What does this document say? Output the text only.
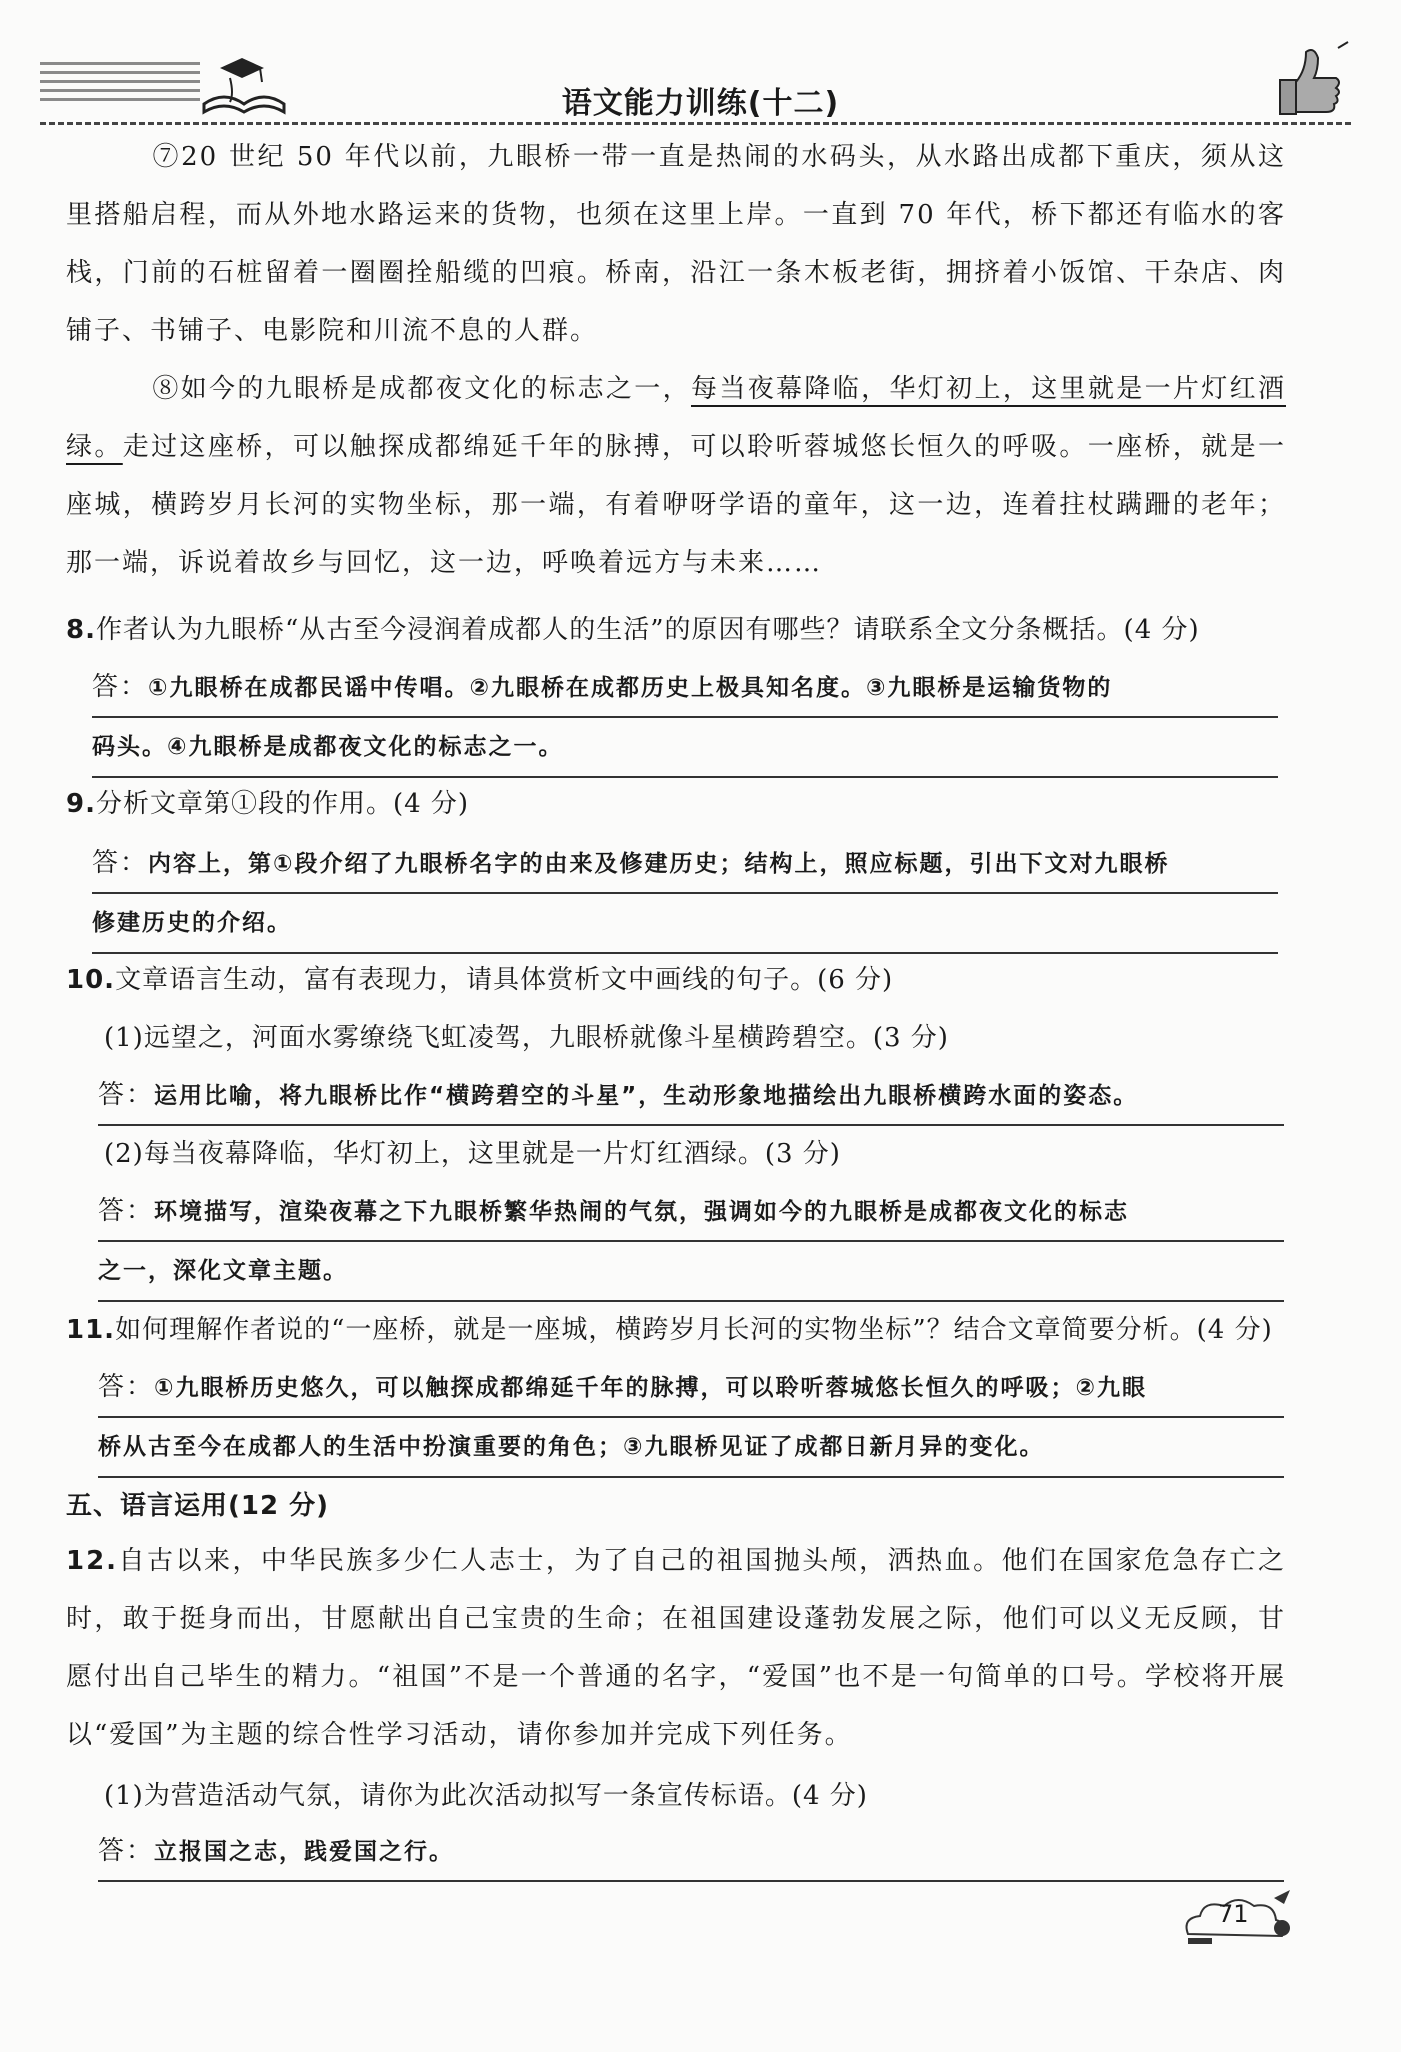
语文能力训练(十二)
⑦20 世纪 50 年代以前，九眼桥一带一直是热闹的水码头，从水路出成都下重庆，须从这里搭船启程，而从外地水路运来的货物，也须在这里上岸。一直到 70 年代，桥下都还有临水的客栈，门前的石桩留着一圈圈拴船缆的凹痕。桥南，沿江一条木板老街，拥挤着小饭馆、干杂店、肉铺子、书铺子、电影院和川流不息的人群。
⑧如今的九眼桥是成都夜文化的标志之一，每当夜幕降临，华灯初上，这里就是一片灯红酒绿。走过这座桥，可以触探成都绵延千年的脉搏，可以聆听蓉城悠长恒久的呼吸。一座桥，就是一座城，横跨岁月长河的实物坐标，那一端，有着咿呀学语的童年，这一边，连着拄杖蹒跚的老年；那一端，诉说着故乡与回忆，这一边，呼唤着远方与未来……
8.作者认为九眼桥“从古至今浸润着成都人的生活”的原因有哪些？请联系全文分条概括。(4 分)
答：①九眼桥在成都民谣中传唱。②九眼桥在成都历史上极具知名度。③九眼桥是运输货物的
码头。④九眼桥是成都夜文化的标志之一。
9.分析文章第①段的作用。(4 分)
答：内容上，第①段介绍了九眼桥名字的由来及修建历史；结构上，照应标题，引出下文对九眼桥
修建历史的介绍。
10.文章语言生动，富有表现力，请具体赏析文中画线的句子。(6 分)
(1)远望之，河面水雾缭绕飞虹凌驾，九眼桥就像斗星横跨碧空。(3 分)
答：运用比喻，将九眼桥比作“横跨碧空的斗星”，生动形象地描绘出九眼桥横跨水面的姿态。
(2)每当夜幕降临，华灯初上，这里就是一片灯红酒绿。(3 分)
答：环境描写，渲染夜幕之下九眼桥繁华热闹的气氛，强调如今的九眼桥是成都夜文化的标志
之一，深化文章主题。
11.如何理解作者说的“一座桥，就是一座城，横跨岁月长河的实物坐标”？结合文章简要分析。(4 分)
答：①九眼桥历史悠久，可以触探成都绵延千年的脉搏，可以聆听蓉城悠长恒久的呼吸；②九眼
桥从古至今在成都人的生活中扮演重要的角色；③九眼桥见证了成都日新月异的变化。
五、语言运用(12 分)
12.自古以来，中华民族多少仁人志士，为了自己的祖国抛头颅，洒热血。他们在国家危急存亡之时，敢于挺身而出，甘愿献出自己宝贵的生命；在祖国建设蓬勃发展之际，他们可以义无反顾，甘愿付出自己毕生的精力。“祖国”不是一个普通的名字，“爱国”也不是一句简单的口号。学校将开展以“爱国”为主题的综合性学习活动，请你参加并完成下列任务。
(1)为营造活动气氛，请你为此次活动拟写一条宣传标语。(4 分)
答：立报国之志，践爱国之行。
71
